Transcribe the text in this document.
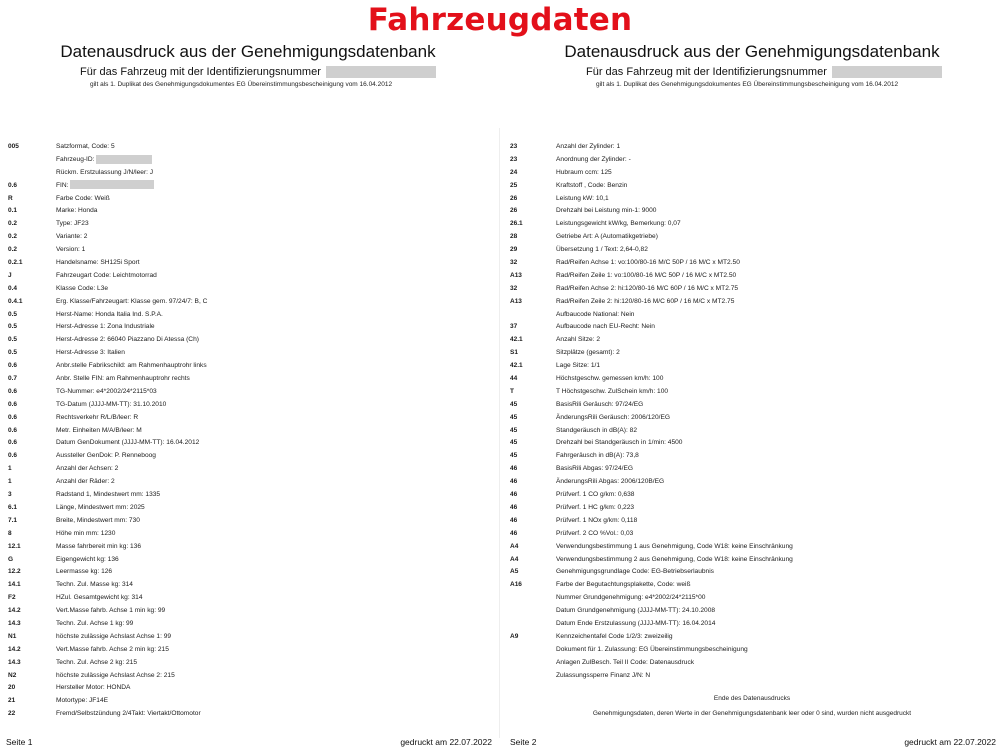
Fahrzeugdaten
Datenausdruck aus der Genehmigungsdatenbank
Für das Fahrzeug mit der Identifizierungsnummer
gilt als 1. Duplikat des Genehmigungsdokumentes EG Übereinstimmungsbescheinigung vom 16.04.2012
005	Satzformat, Code: 5
Fahrzeug-ID:
Rückm. Erstzulassung J/N/leer: J
0.6	FIN:
R	Farbe Code: Weiß
0.1	Marke: Honda
0.2	Type: JF23
0.2	Variante: 2
0.2	Version: 1
0.2.1	Handelsname: SH125i Sport
J	Fahrzeugart Code: Leichtmotorrad
0.4	Klasse Code: L3e
0.4.1	Erg. Klasse/Fahrzeugart: Klasse gem. 97/24/7: B, C
0.5	Herst-Name: Honda Italia Ind. S.P.A.
0.5	Herst-Adresse 1: Zona Industriale
0.5	Herst-Adresse 2: 66040 Piazzano Di Atessa (Ch)
0.5	Herst-Adresse 3: Italien
0.6	Anbr.stelle Fabrikschild: am Rahmenhauptrohr links
0.7	Anbr. Stelle FIN: am Rahmenhauptrohr rechts
0.6	TG-Nummer: e4*2002/24*2115*03
0.6	TG-Datum (JJJJ-MM-TT): 31.10.2010
0.6	Rechtsverkehr R/L/B/leer: R
0.6	Metr. Einheiten M/A/B/leer: M
0.6	Datum GenDokument (JJJJ-MM-TT): 16.04.2012
0.6	Aussteller GenDok: P. Renneboog
1	Anzahl der Achsen: 2
1	Anzahl der Räder: 2
3	Radstand 1, Mindestwert mm: 1335
6.1	Länge, Mindestwert mm: 2025
7.1	Breite, Mindestwert mm: 730
8	Höhe min mm: 1230
12.1	Masse fahrbereit min kg: 136
G	Eigengewicht kg: 136
12.2	Leermasse kg: 126
14.1	Techn. Zul. Masse kg: 314
F2	HZul. Gesamtgewicht kg: 314
14.2	Vert.Masse fahrb. Achse 1 min kg: 99
14.3	Techn. Zul. Achse 1 kg: 99
N1	höchste zulässige Achslast Achse 1: 99
14.2	Vert.Masse fahrb. Achse 2 min kg: 215
14.3	Techn. Zul. Achse 2 kg: 215
N2	höchste zulässige Achslast Achse 2: 215
20	Hersteller Motor: HONDA
21	Motortype: JF14E
22	Fremd/Selbstzündung 2/4Takt: Viertakt/Ottomotor
Seite 1	gedruckt am 22.07.2022
Datenausdruck aus der Genehmigungsdatenbank
Für das Fahrzeug mit der Identifizierungsnummer
gilt als 1. Duplikat des Genehmigungsdokumentes EG Übereinstimmungsbescheinigung vom 16.04.2012
23	Anzahl der Zylinder: 1
23	Anordnung der Zylinder: -
24	Hubraum ccm: 125
25	Kraftstoff , Code: Benzin
26	Leistung kW: 10,1
26	Drehzahl bei Leistung min-1: 9000
26.1	Leistungsgewicht kW/kg, Bemerkung: 0,07
28	Getriebe Art: A (Automatikgetriebe)
29	Übersetzung 1 / Text: 2,64-0,82
32	Rad/Reifen Achse 1: vo:100/80-16 M/C 50P / 16 M/C x MT2.50
A13	Rad/Reifen Zeile 1: vo:100/80-16 M/C 50P / 16 M/C x MT2.50
32	Rad/Reifen Achse 2: hi:120/80-16 M/C 60P / 16 M/C x MT2.75
A13	Rad/Reifen Zeile 2: hi:120/80-16 M/C 60P / 16 M/C x MT2.75
Aufbaucode National: Nein
37	Aufbaucode nach EU-Recht: Nein
42.1	Anzahl Sitze: 2
S1	Sitzplätze (gesamt): 2
42.1	Lage Sitze: 1/1
44	Höchstgeschw. gemessen km/h: 100
T	T Höchstgeschw. ZulSchein km/h: 100
45	BasisRili Geräusch: 97/24/EG
45	ÄnderungsRili Geräusch: 2006/120/EG
45	Standgeräusch in dB(A): 82
45	Drehzahl bei Standgeräusch in 1/min: 4500
45	Fahrgeräusch in dB(A): 73,8
46	BasisRili Abgas: 97/24/EG
46	ÄnderungsRili Abgas: 2006/120B/EG
46	Prüfverf. 1 CO g/km: 0,638
46	Prüfverf. 1 HC g/km: 0,223
46	Prüfverf. 1 NOx g/km: 0,118
46	Prüfverf. 2 CO %Vol.: 0,03
A4	Verwendungsbestimmung 1 aus Genehmigung, Code W18: keine Einschränkung
A4	Verwendungsbestimmung 2 aus Genehmigung, Code W18: keine Einschränkung
A5	Genehmigungsgrundlage Code: EG-Betriebserlaubnis
A16	Farbe der Begutachtungsplakette, Code: weiß
Nummer Grundgenehmigung: e4*2002/24*2115*00
Datum Grundgenehmigung (JJJJ-MM-TT): 24.10.2008
Datum Ende Erstzulassung (JJJJ-MM-TT): 16.04.2014
A9	Kennzeichentafel Code 1/2/3: zweizeilig
Dokument für 1. Zulassung: EG Übereinstimmungsbescheinigung
Anlagen ZulBesch. Teil II Code: Datenausdruck
Zulassungssperre Finanz J/N: N
Ende des Datenausdrucks
Genehmigungsdaten, deren Werte in der Genehmigungsdatenbank leer oder 0 sind, wurden nicht ausgedruckt
Seite 2	gedruckt am 22.07.2022
